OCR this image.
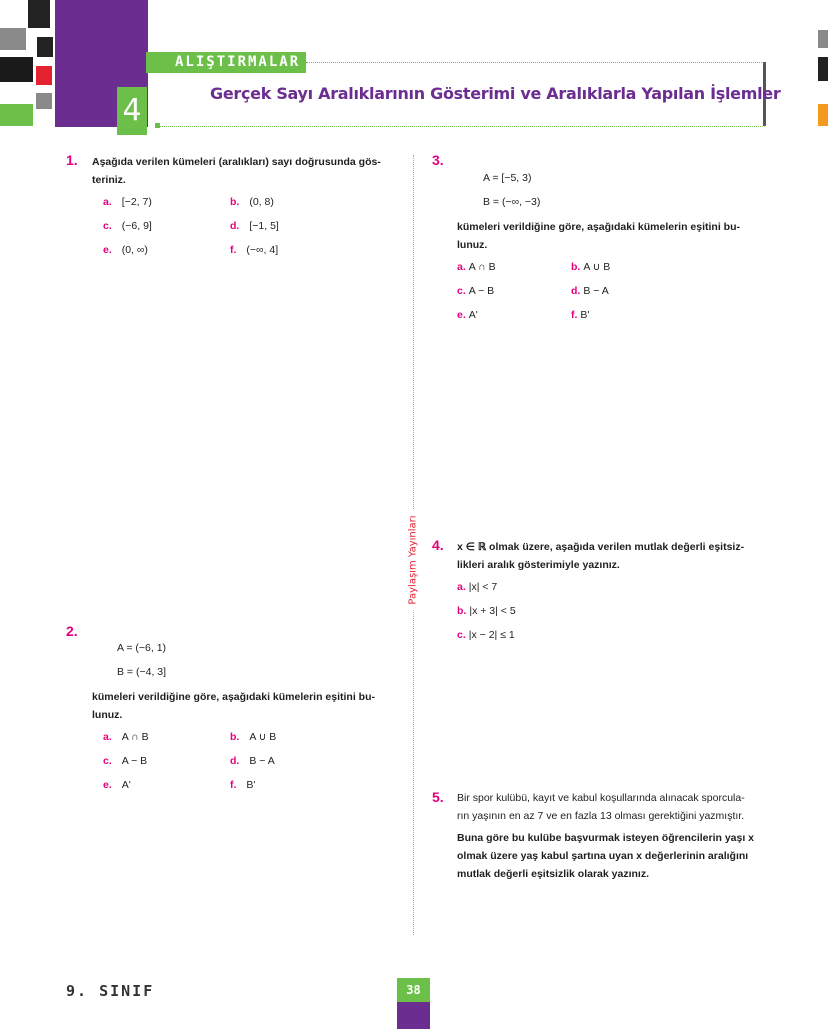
4
ALIŞTIRMALAR
Gerçek Sayı Aralıklarının Gösterimi ve Aralıklarla Yapılan İşlemler
Paylaşım Yayınları
1. Aşağıda verilen kümeleri (aralıkları) sayı doğrusunda gös-
teriniz.
a. [−2, 7)	b. (0, 8)
c. (−6, 9]	d. [−1, 5]
e. (0, ∞)	f. (−∞, 4]
2.
A = (−6, 1)
B = (−4, 3]
kümeleri verildiğine göre, aşağıdaki kümelerin eşitini bu-
lunuz.
a. A ∩ B	b. A ∪ B
c. A − B	d. B − A
e. A'	f. B'
3.
A = [−5, 3)
B = (−∞, −3)
kümeleri verildiğine göre, aşağıdaki kümelerin eşitini bu-
lunuz.
a. A ∩ B	b. A ∪ B
c. A − B	d. B − A
e. A'	f. B'
4. x ∈ ℝ olmak üzere, aşağıda verilen mutlak değerli eşitsiz-
likleri aralık gösterimiyle yazınız.
a. |x| < 7
b. |x + 3| < 5
c. |x − 2| ≤ 1
5. Bir spor kulübü, kayıt ve kabul koşullarında alınacak sporcula-
rın yaşının en az 7 ve en fazla 13 olması gerektiğini yazmıştır.
Buna göre bu kulübe başvurmak isteyen öğrencilerin yaşı x
olmak üzere yaş kabul şartına uyan x değerlerinin aralığını
mutlak değerli eşitsizlik olarak yazınız.
9. SINIF	38
